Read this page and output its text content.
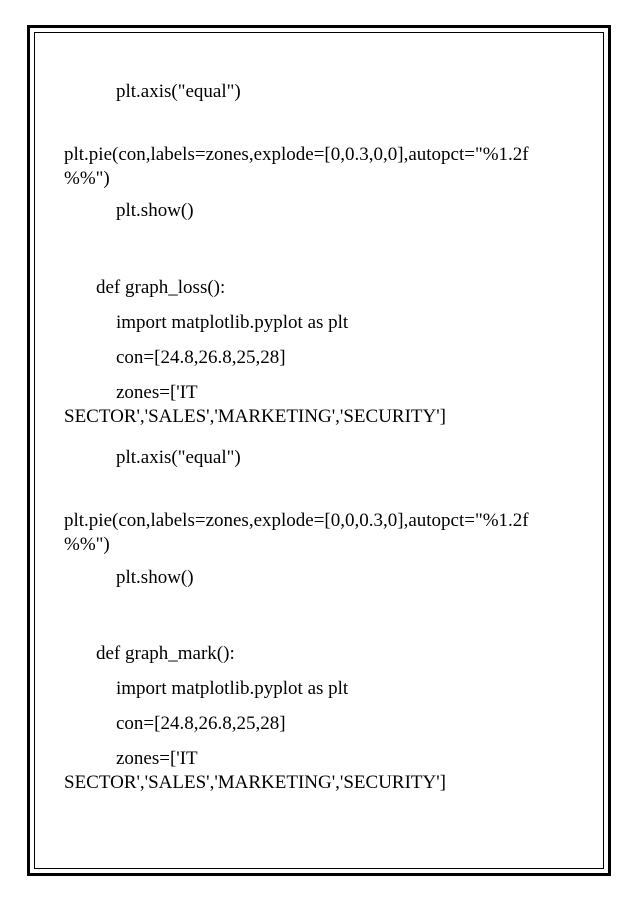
plt.axis("equal")

plt.pie(con,labels=zones,explode=[0,0.3,0,0],autopct="%1.2f

%%")

plt.show()

def graph_loss():

import matplotlib.pyplot as plt

con=[24.8,26.8,25,28]

zones=['IT

SECTOR','SALES','MARKETING','SECURITY']

plt.axis("equal")

plt.pie(con,labels=zones,explode=[0,0,0.3,0],autopct="%1.2f

%%")

plt.show()

def graph_mark():

import matplotlib.pyplot as plt

con=[24.8,26.8,25,28]

zones=['IT

SECTOR','SALES','MARKETING','SECURITY']
